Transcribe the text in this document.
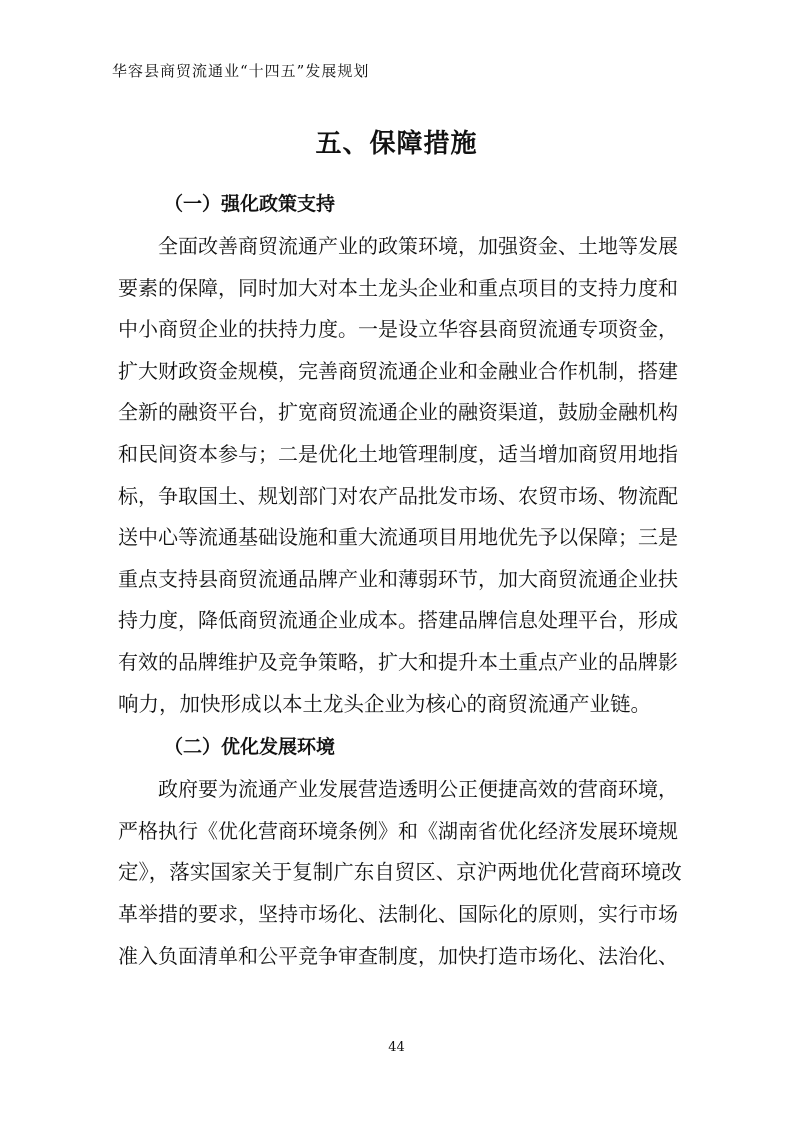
华容县商贸流通业“十四五”发展规划
五、保障措施
（一）强化政策支持

　　全面改善商贸流通产业的政策环境，加强资金、土地等发展
要素的保障，同时加大对本土龙头企业和重点项目的支持力度和
中小商贸企业的扶持力度。一是设立华容县商贸流通专项资金，
扩大财政资金规模，完善商贸流通企业和金融业合作机制，搭建
全新的融资平台，扩宽商贸流通企业的融资渠道，鼓励金融机构
和民间资本参与；二是优化土地管理制度，适当增加商贸用地指
标，争取国土、规划部门对农产品批发市场、农贸市场、物流配
送中心等流通基础设施和重大流通项目用地优先予以保障；三是
重点支持县商贸流通品牌产业和薄弱环节，加大商贸流通企业扶
持力度，降低商贸流通企业成本。搭建品牌信息处理平台，形成
有效的品牌维护及竞争策略，扩大和提升本土重点产业的品牌影
响力，加快形成以本土龙头企业为核心的商贸流通产业链。

（二）优化发展环境

　　政府要为流通产业发展营造透明公正便捷高效的营商环境，
严格执行《优化营商环境条例》和《湖南省优化经济发展环境规
定》，落实国家关于复制广东自贸区、京沪两地优化营商环境改
革举措的要求，坚持市场化、法制化、国际化的原则，实行市场
准入负面清单和公平竞争审查制度，加快打造市场化、法治化、

44
